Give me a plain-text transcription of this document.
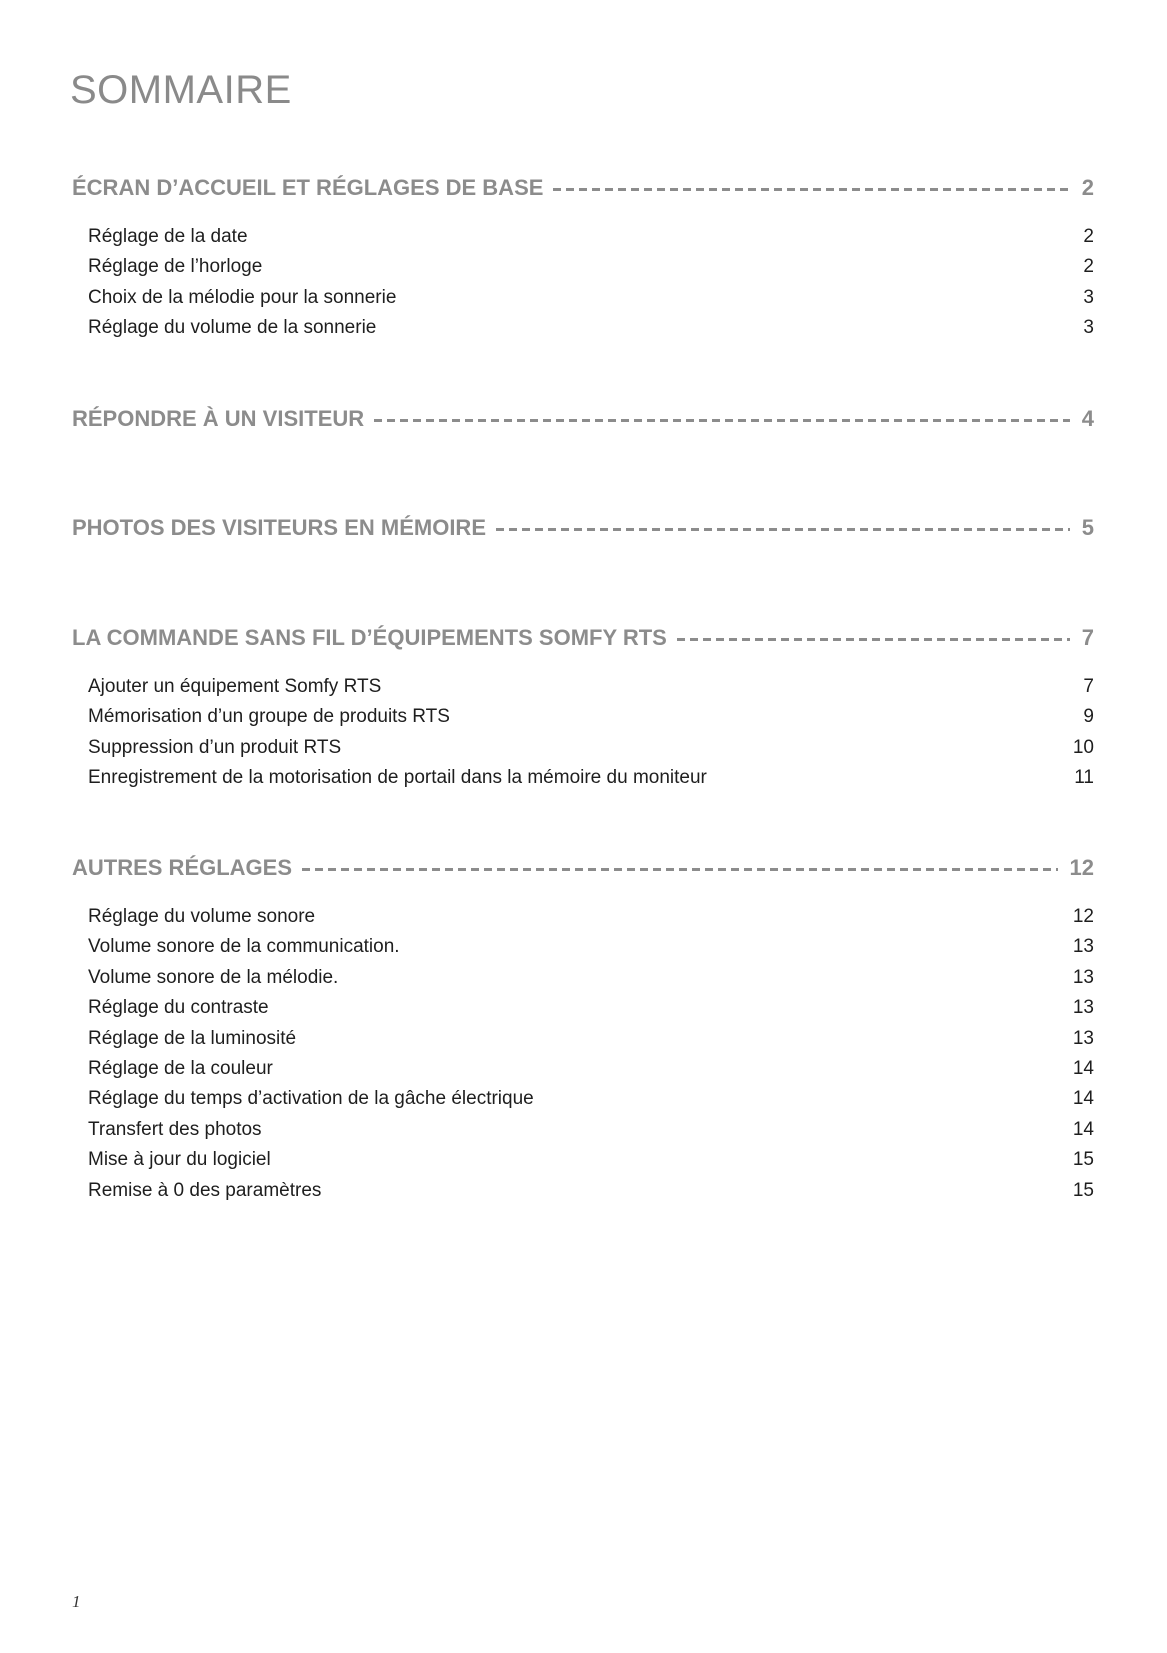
SOMMAIRE
ÉCRAN D’ACCUEIL ET RÉGLAGES DE BASE	2
Réglage de la date	2
Réglage de l’horloge	2
Choix de la mélodie pour la sonnerie	3
Réglage du volume de la sonnerie	3
RÉPONDRE À UN VISITEUR	4
PHOTOS DES VISITEURS EN MÉMOIRE	5
LA COMMANDE SANS FIL D’ÉQUIPEMENTS SOMFY RTS	7
Ajouter un équipement Somfy RTS	7
Mémorisation d’un groupe de produits RTS	9
Suppression d’un produit RTS	10
Enregistrement de la motorisation de portail dans la mémoire du moniteur	11
AUTRES RÉGLAGES	12
Réglage du volume sonore	12
Volume sonore de la communication.	13
Volume sonore de la mélodie.	13
Réglage du contraste	13
Réglage de la luminosité	13
Réglage de la couleur	14
Réglage du temps d’activation de la gâche électrique	14
Transfert des photos	14
Mise à jour du logiciel	15
Remise à 0 des paramètres	15
1
